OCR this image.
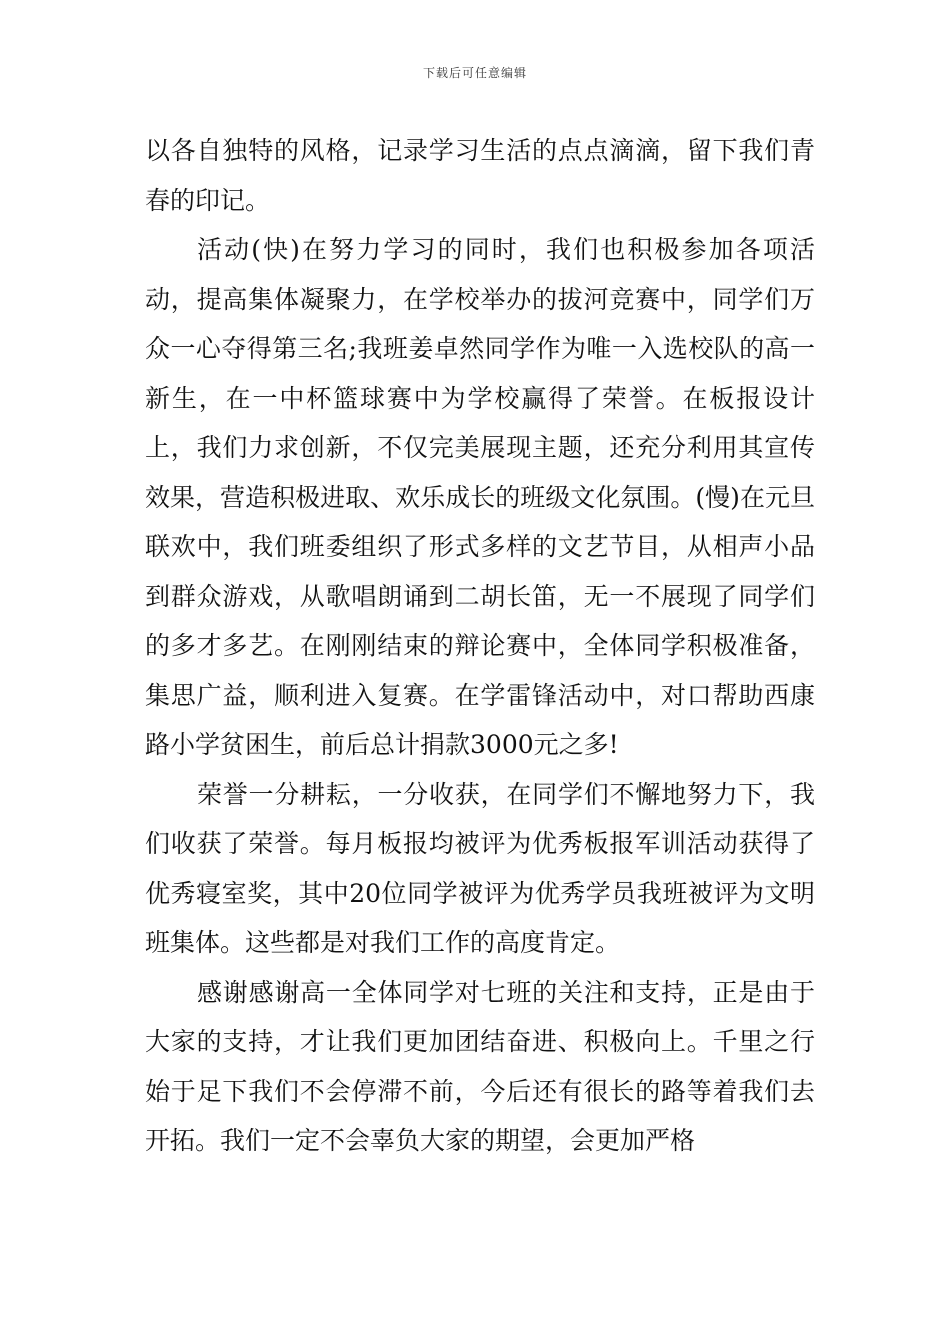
下载后可任意编辑

以各自独特的风格，记录学习生活的点点滴滴，留下我们青春的印记。

活动(快)在努力学习的同时，我们也积极参加各项活动，提高集体凝聚力，在学校举办的拔河竞赛中，同学们万众一心夺得第三名;我班姜卓然同学作为唯一入选校队的高一新生，在一中杯篮球赛中为学校赢得了荣誉。在板报设计上，我们力求创新，不仅完美展现主题，还充分利用其宣传效果，营造积极进取、欢乐成长的班级文化氛围。(慢)在元旦联欢中，我们班委组织了形式多样的文艺节目，从相声小品到群众游戏，从歌唱朗诵到二胡长笛，无一不展现了同学们的多才多艺。在刚刚结束的辩论赛中，全体同学积极准备，集思广益，顺利进入复赛。在学雷锋活动中，对口帮助西康路小学贫困生，前后总计捐款3000元之多!

荣誉一分耕耘，一分收获，在同学们不懈地努力下，我们收获了荣誉。每月板报均被评为优秀板报军训活动获得了优秀寝室奖，其中20位同学被评为优秀学员我班被评为文明班集体。这些都是对我们工作的高度肯定。

感谢感谢高一全体同学对七班的关注和支持，正是由于大家的支持，才让我们更加团结奋进、积极向上。千里之行始于足下我们不会停滞不前，今后还有很长的路等着我们去开拓。我们一定不会辜负大家的期望，会更加严格
